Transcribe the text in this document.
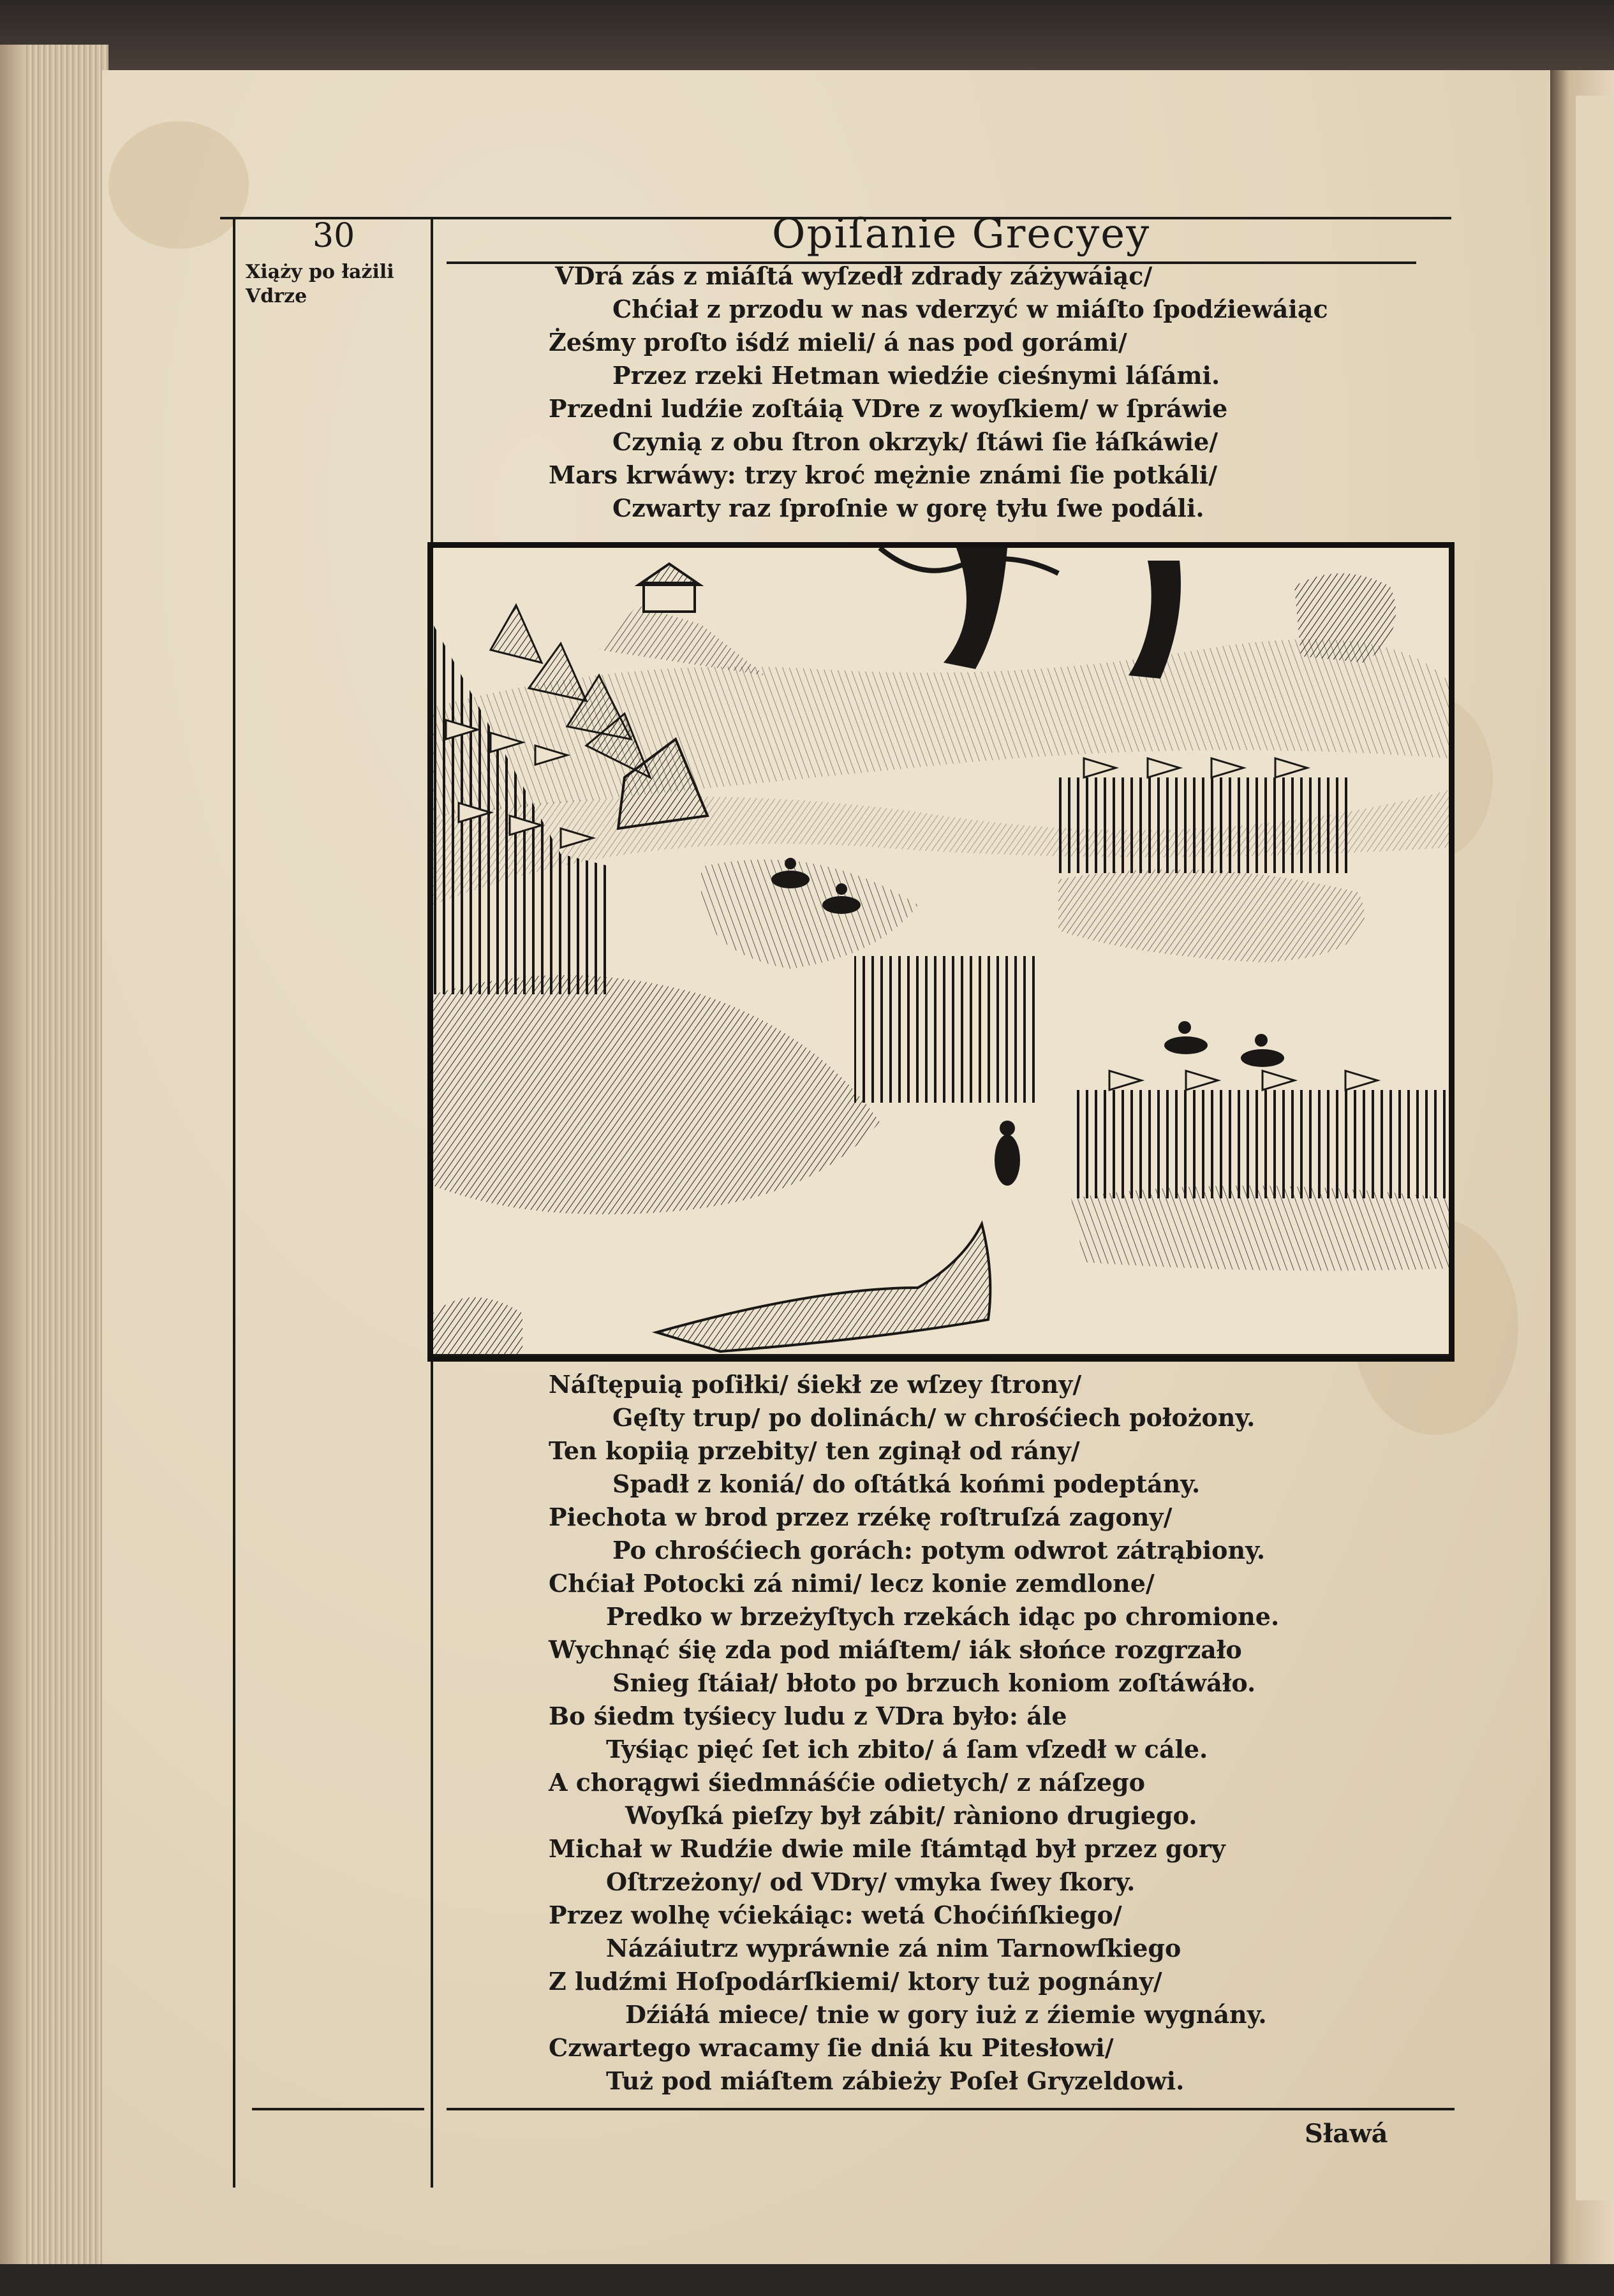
30	Opiſanie Grecyey
Xiąży po łażili
Vdrze
VDrá zás z miáſtá wyſzedł zdrady záżywáiąc/
Chćiał z przodu w nas vderzyć w miáſto ſpodźiewáiąc
Żeśmy proſto iśdź mieli/ á nas pod gorámi/
Przez rzeki Hetman wiedźie cieśnymi láſámi.
Przedni ludźie zoſtáią VDre z woyſkiem/ w ſpráwie
Czynią z obu ſtron okrzyk/ ſtáwi ſie łáſkáwie/
Mars krwáwy: trzy kroć mężnie známi ſie potkáli/
Czwarty raz ſproſnie w gorę tyłu ſwe podáli.
Náſtępuią poſiłki/ śiekł ze wſzey ſtrony/
Gęſty trup/ po dolinách/ w chrośćiech położony.
Ten kopiią przebity/ ten zginął od rány/
Spadł z koniá/ do oſtátká końmi podeptány.
Piechota w brod przez rzékę roſtruſzá zagony/
Po chrośćiech gorách: potym odwrot zátrąbiony.
Chćiał Potocki zá nimi/ lecz konie zemdlone/
Predko w brzeżyſtych rzekách idąc po chromione.
Wychnąć śię zda pod miáſtem/ iák słońce rozgrzało
Snieg ſtáiał/ błoto po brzuch koniom zoſtáwáło.
Bo śiedm tyśiecy ludu z VDra było: ále
Tyśiąc pięć ſet ich zbito/ á ſam vſzedł w cále.
A chorągwi śiedmnáśćie odietych/ z náſzego
Woyſká pieſzy był zábit/ ràniono drugiego.
Michał w Rudźie dwie mile ſtámtąd był przez gory
Oſtrzeżony/ od VDry/ vmyka ſwey ſkory.
Przez wolhę vćiekáiąc: wetá Choćińſkiego/
Názáiutrz wypráwnie zá nim Tarnowſkiego
Z ludźmi Hoſpodárſkiemi/ ktory tuż pognány/
Dźiáłá miece/ tnie w gory iuż z źiemie wygnány.
Czwartego wracamy ſie dniá ku Pitesłowi/
Tuż pod miáſtem zábieży Poſeł Gryzeldowi.
Sławá
